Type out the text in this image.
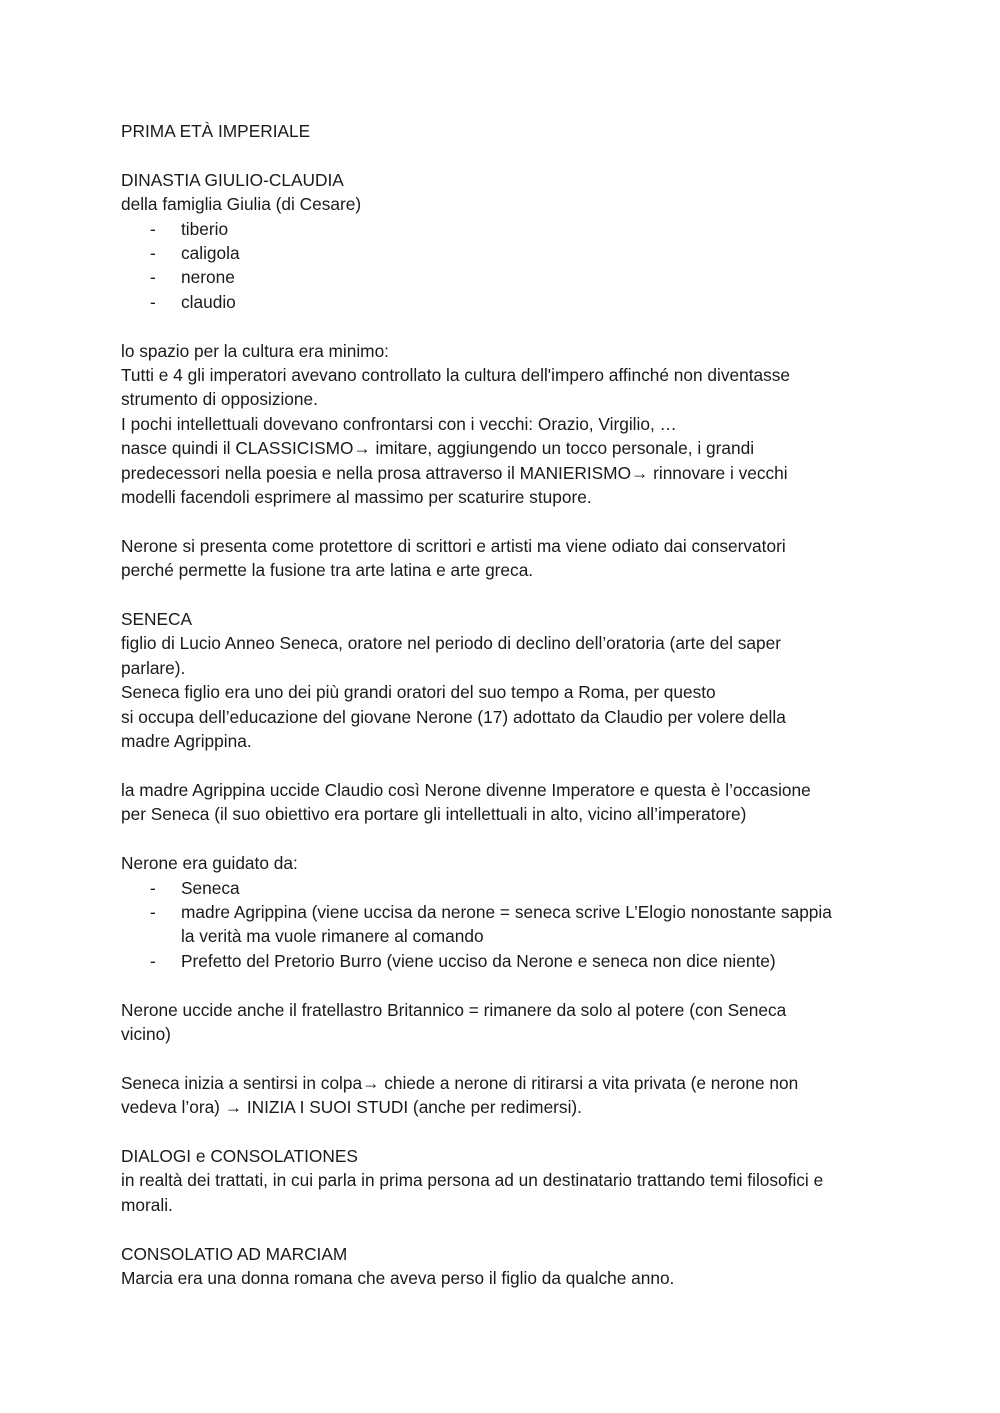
PRIMA ETÀ IMPERIALE

DINASTIA GIULIO-CLAUDIA

della famiglia Giulia (di Cesare)

- tiberio
- caligola
- nerone
- claudio

lo spazio per la cultura era minimo:

Tutti e 4 gli imperatori avevano controllato la cultura dell'impero affinché non diventasse

strumento di opposizione.

I pochi intellettuali dovevano confrontarsi con i vecchi: Orazio, Virgilio, …

nasce quindi il CLASSICISMO→ imitare, aggiungendo un tocco personale, i grandi

predecessori nella poesia e nella prosa attraverso il MANIERISMO→ rinnovare i vecchi

modelli facendoli esprimere al massimo per scaturire stupore.

Nerone si presenta come protettore di scrittori e artisti ma viene odiato dai conservatori

perché permette la fusione tra arte latina e arte greca.

SENECA

figlio di Lucio Anneo Seneca, oratore nel periodo di declino dell’oratoria (arte del saper

parlare).

Seneca figlio era uno dei più grandi oratori del suo tempo a Roma, per questo

si occupa dell’educazione del giovane Nerone (17) adottato da Claudio per volere della

madre Agrippina.

la madre Agrippina uccide Claudio così Nerone divenne Imperatore e questa è l’occasione

per Seneca (il suo obiettivo era portare gli intellettuali in alto, vicino all’imperatore)

Nerone era guidato da:

- Seneca
- madre Agrippina (viene uccisa da nerone = seneca scrive L’Elogio nonostante sappia
la verità ma vuole rimanere al comando
- Prefetto del Pretorio Burro (viene ucciso da Nerone e seneca non dice niente)

Nerone uccide anche il fratellastro Britannico = rimanere da solo al potere (con Seneca

vicino)

Seneca inizia a sentirsi in colpa→ chiede a nerone di ritirarsi a vita privata (e nerone non

vedeva l’ora) → INIZIA I SUOI STUDI (anche per redimersi).

DIALOGI e CONSOLATIONES

in realtà dei trattati, in cui parla in prima persona ad un destinatario trattando temi filosofici e

morali.

CONSOLATIO AD MARCIAM

Marcia era una donna romana che aveva perso il figlio da qualche anno.
